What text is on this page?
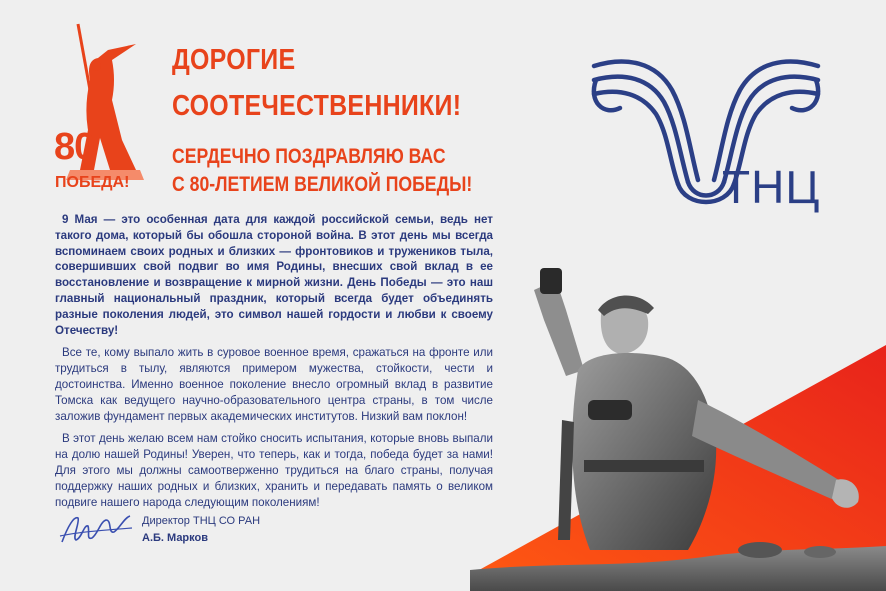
80
ПОБЕДА!
ДОРОГИЕ
СООТЕЧЕСТВЕННИКИ!
СЕРДЕЧНО ПОЗДРАВЛЯЮ ВАС
С 80-ЛЕТИЕМ ВЕЛИКОЙ ПОБЕДЫ!	ТНЦ

9 Мая — это особенная дата для каждой российской семьи, ведь нет такого дома, который бы обошла стороной война. В этот день мы всегда вспоминаем своих родных и близких — фронтовиков и тружеников тыла, совершивших свой подвиг во имя Родины, внесших свой вклад в ее восстановление и возвращение к мирной жизни. День Победы — это наш главный национальный праздник, который всегда будет объединять разные поколения людей, это символ нашей гордости и любви к своему Отечеству!

Все те, кому выпало жить в суровое военное время, сражаться на фронте или трудиться в тылу, являются примером мужества, стойкости, чести и достоинства. Именно военное поколение внесло огромный вклад в развитие Томска как ведущего научно-образовательного центра страны, в том числе заложив фундамент первых академических институтов. Низкий вам поклон!

В этот день желаю всем нам стойко сносить испытания, которые вновь выпали на долю нашей Родины! Уверен, что теперь, как и тогда, победа будет за нами! Для этого мы должны самоотверженно трудиться на благо страны, получая поддержку наших родных и близких, хранить и передавать память о великом подвиге нашего народа следующим поколениям!

Директор ТНЦ СО РАН
А.Б. Марков
